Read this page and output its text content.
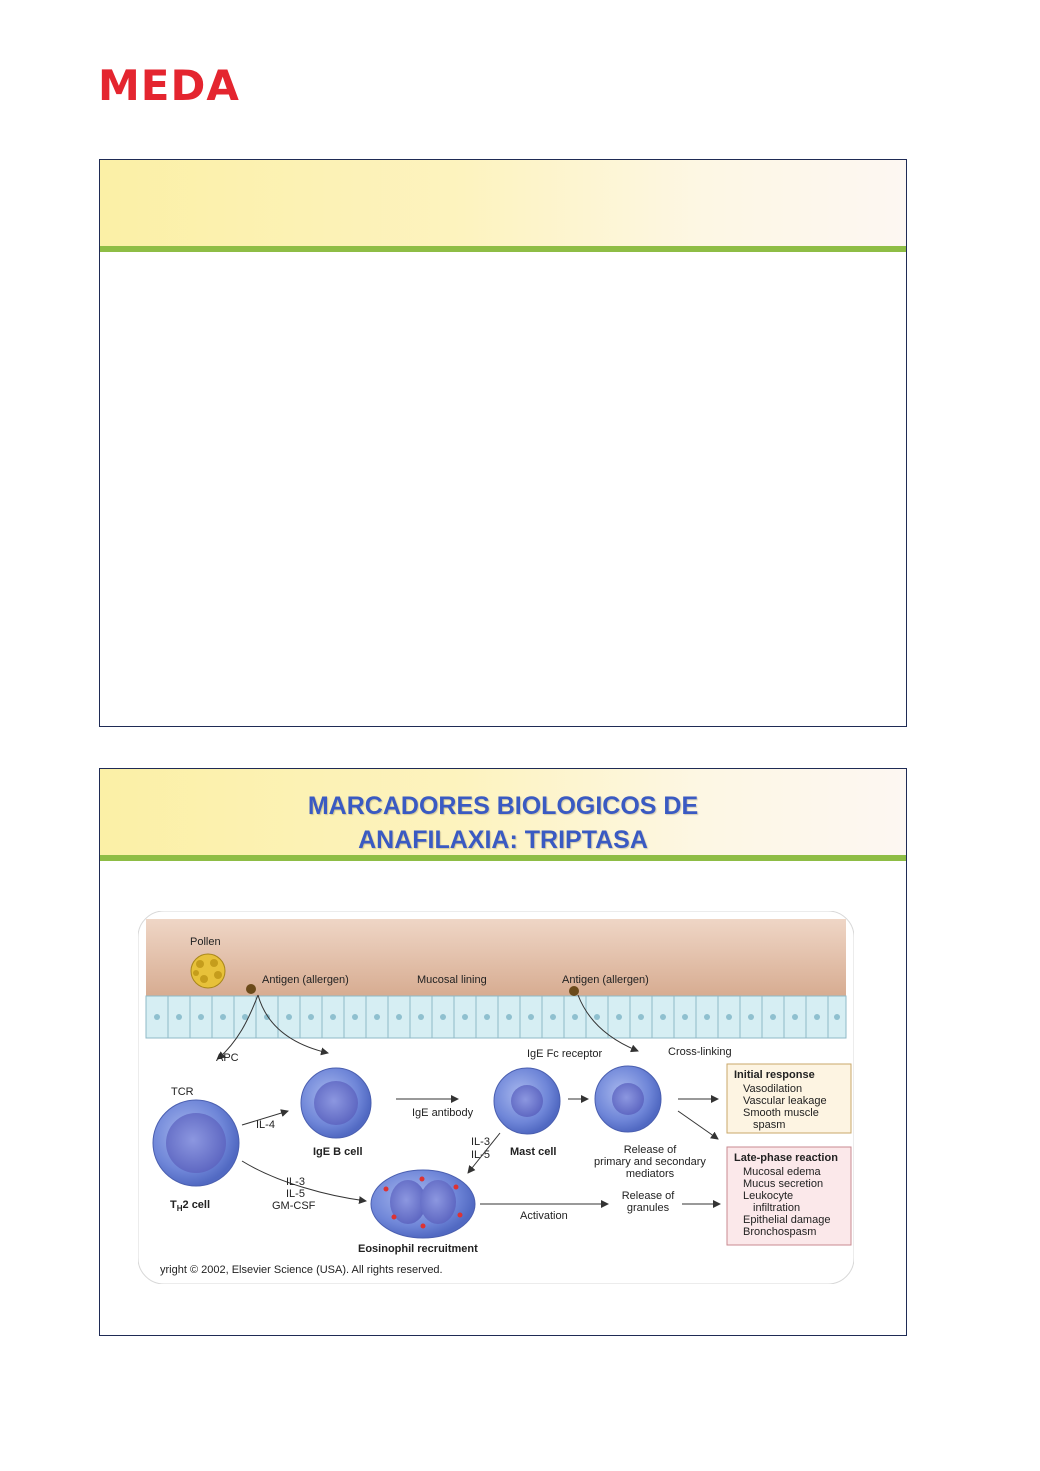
MEDA
MARCADORES BIOLOGICOS DE
ANAFILAXIA: TRIPTASA
Pollen
Antigen (allergen)	Mucosal lining	Antigen (allergen)
APC
TCR
$T_H2$ cell
IL-4
IgE B cell
IgE antibody
IgE Fc receptor
Mast cell
IL-3
IL-5
Cross-linking
Release of
primary and secondary
mediators
Initial response
Vasodilation
Vascular leakage
Smooth muscle
spasm
Late-phase reaction
Mucosal edema
Mucus secretion
Leukocyte
infiltration
Epithelial damage
Bronchospasm
IL-3
IL-5
GM-CSF
Eosinophil recruitment
Activation
Release of
granules
yright © 2002, Elsevier Science (USA). All rights reserved.
